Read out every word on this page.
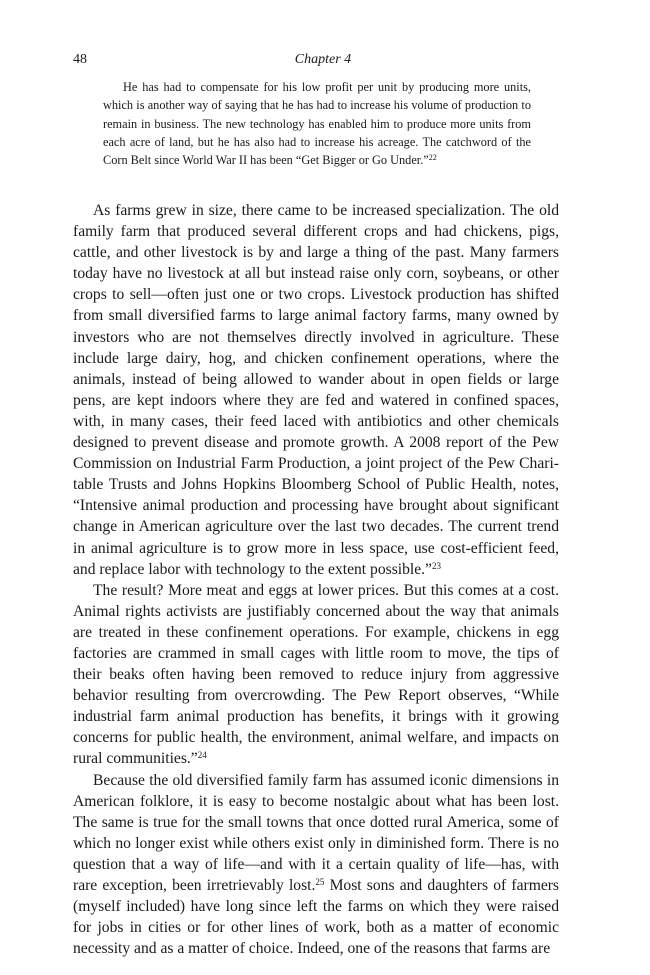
48	Chapter 4

He has had to compensate for his low profit per unit by producing more units, which is another way of saying that he has had to increase his volume of production to remain in business. The new technology has enabled him to produce more units from each acre of land, but he has also had to increase his acreage. The catchword of the Corn Belt since World War II has been “Get Bigger or Go Under.”$^{22}$

As farms grew in size, there came to be increased specialization. The old family farm that produced several different crops and had chickens, pigs, cattle, and other livestock is by and large a thing of the past. Many farmers today have no livestock at all but instead raise only corn, soybeans, or other crops to sell—often just one or two crops. Livestock production has shifted from small diversified farms to large animal factory farms, many owned by investors who are not themselves directly involved in agriculture. These include large dairy, hog, and chicken confinement operations, where the animals, instead of being allowed to wander about in open fields or large pens, are kept indoors where they are fed and watered in confined spaces, with, in many cases, their feed laced with antibiotics and other chemicals designed to prevent disease and promote growth. A 2008 report of the Pew Commission on Industrial Farm Production, a joint project of the Pew Charitable Trusts and Johns Hopkins Bloomberg School of Public Health, notes, “Intensive animal production and processing have brought about significant change in American agriculture over the last two decades. The current trend in animal agriculture is to grow more in less space, use cost-efficient feed, and replace labor with technology to the extent possible.”$^{23}$

The result? More meat and eggs at lower prices. But this comes at a cost. Animal rights activists are justifiably concerned about the way that animals are treated in these confinement operations. For example, chickens in egg factories are crammed in small cages with little room to move, the tips of their beaks often having been removed to reduce injury from aggressive behavior resulting from overcrowding. The Pew Report observes, “While industrial farm animal production has benefits, it brings with it growing concerns for public health, the environment, animal welfare, and impacts on rural communities.”$^{24}$

Because the old diversified family farm has assumed iconic dimensions in American folklore, it is easy to become nostalgic about what has been lost. The same is true for the small towns that once dotted rural America, some of which no longer exist while others exist only in diminished form. There is no question that a way of life—and with it a certain quality of life—has, with rare exception, been irretrievably lost.$^{25}$ Most sons and daughters of farmers (myself included) have long since left the farms on which they were raised for jobs in cities or for other lines of work, both as a matter of economic necessity and as a matter of choice. Indeed, one of the reasons that farms are
